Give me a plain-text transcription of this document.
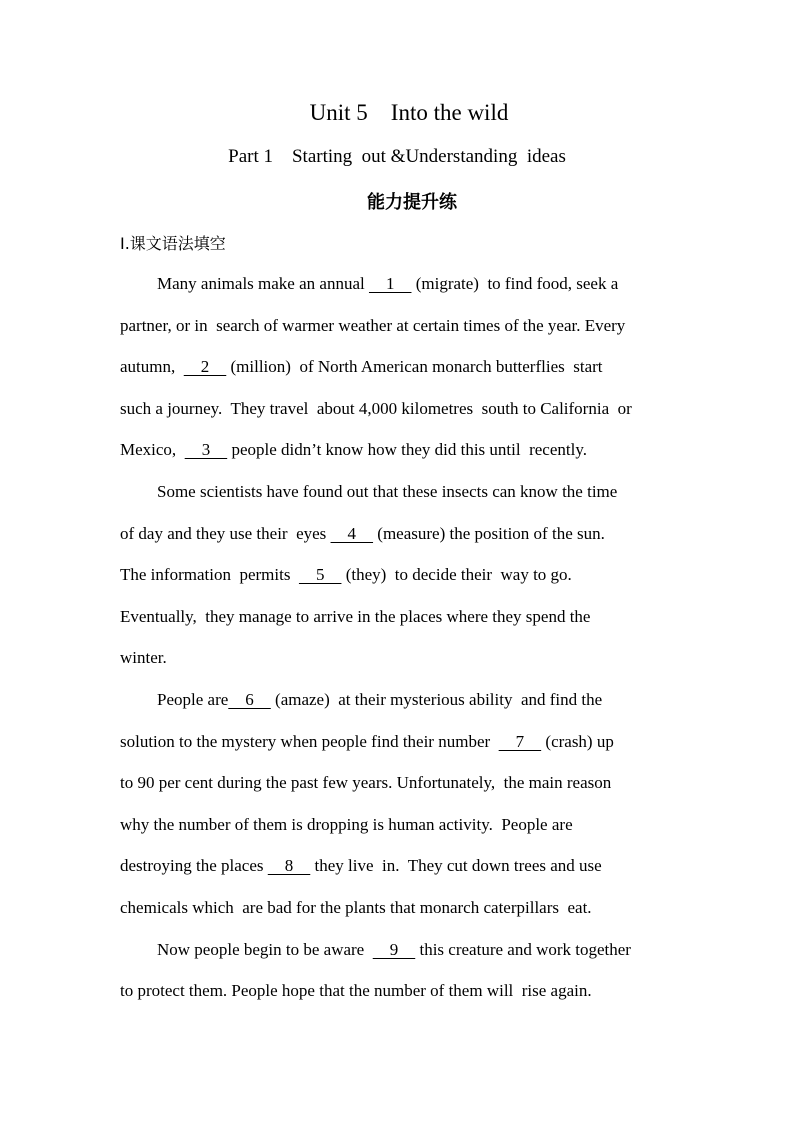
Unit 5    Into the wild
Part 1    Starting  out &Understanding  ideas
能力提升练
Ⅰ.课文语法填空
Many animals make an annual     1     (migrate)  to find food, seek a
partner, or in  search of warmer weather at certain times of the year. Every
autumn,      2     (million)  of North American monarch butterflies  start
such a journey.  They travel  about 4,000 kilometres  south to California  or
Mexico,      3     people didn’t know how they did this until  recently.
Some scientists have found out that these insects can know the time
of day and they use their  eyes     4     (measure) the position of the sun.
The information  permits      5     (they)  to decide their  way to go.
Eventually,  they manage to arrive in the places where they spend the
winter.
People are    6     (amaze)  at their mysterious ability  and find the
solution to the mystery when people find their number      7     (crash) up
to 90 per cent during the past few years. Unfortunately,  the main reason
why the number of them is dropping is human activity.  People are
destroying the places     8     they live  in.  They cut down trees and use
chemicals which  are bad for the plants that monarch caterpillars  eat.
Now people begin to be aware      9     this creature and work together
to protect them. People hope that the number of them will  rise again.
